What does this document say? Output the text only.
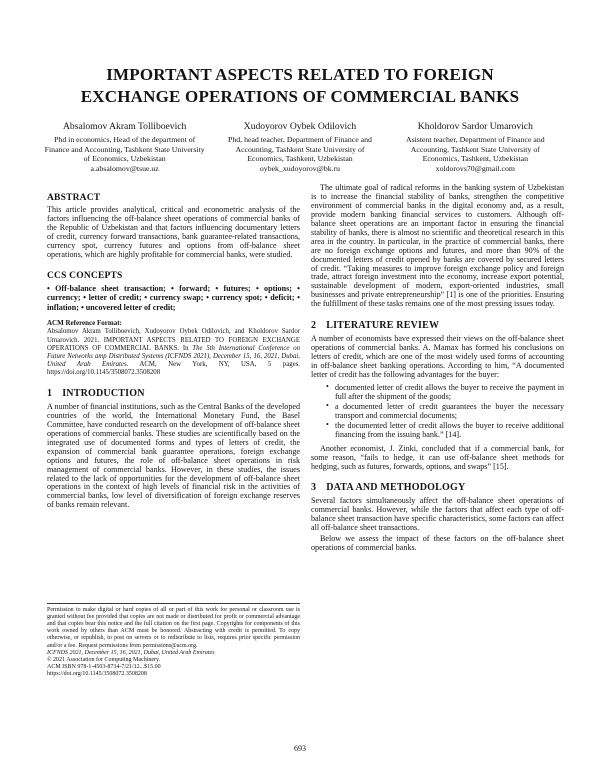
IMPORTANT ASPECTS RELATED TO FOREIGN EXCHANGE OPERATIONS OF COMMERCIAL BANKS
Absalomov Akram Tolliboevich
Phd in economics, Head of the department of Finance and Accounting, Tashkent State University of Economics, Uzbekistan
a.absalomov@tsue.uz
Xudoyorov Oybek Odilovich
Phd, head teacher, Department of Finance and Accounting, Tashkent State University of Economics, Tashkent, Uzbekistan
oybek_xudoyorov@bk.ru
Kholdorov Sardor Umarovich
Asistent teacher, Department of Finance and Accounting, Tashkent State University of Economics, Tashkent, Uzbekistan
xoldorovs70@gmail.com
ABSTRACT

This article provides analytical, critical and econometric analysis of the factors influencing the off-balance sheet operations of commercial banks of the Republic of Uzbekistan and that factors influencing documentary letters of credit, currency forward transactions, bank guarantee-related transactions, currency spot, currency futures and options from off-balance sheet operations, which are highly profitable for commercial banks, were studied.

CCS CONCEPTS

• Off-balance sheet transaction; • forward; • futures; • options; • currency; • letter of credit; • currency swap; • currency spot; • deficit; • inflation; • uncovered letter of credit;

ACM Reference Format:

Absalomov Akram Tolliboevich, Xudoyorov Oybek Odilovich, and Kholdorov Sardor Umarovich. 2021. IMPORTANT ASPECTS RELATED TO FOREIGN EXCHANGE OPERATIONS OF COMMERCIAL BANKS. In The 5th International Conference on Future Networks amp Distributed Systems (ICFNDS 2021), December 15, 16, 2021, Dubai, United Arab Emirates. ACM, New York, NY, USA, 5 pages. https://doi.org/10.1145/3508072.3508208

1 INTRODUCTION

A number of financial institutions, such as the Central Banks of the developed countries of the world, the International Monetary Fund, the Basel Committee, have conducted research on the development of off-balance sheet operations of commercial banks. These studies are scientifically based on the integrated use of documented forms and types of letters of credit, the expansion of commercial bank guarantee operations, foreign exchange options and futures, the role of off-balance sheet operations in risk management of commercial banks. However, in these studies, the issues related to the lack of opportunities for the development of off-balance sheet operations in the context of high levels of financial risk in the activities of commercial banks, low level of diversification of foreign exchange reserves of banks remain relevant.

Permission to make digital or hard copies of all or part of this work for personal or classroom use is granted without fee provided that copies are not made or distributed for profit or commercial advantage and that copies bear this notice and the full citation on the first page. Copyrights for components of this work owned by others than ACM must be honored. Abstracting with credit is permitted. To copy otherwise, or republish, to post on servers or to redistribute to lists, requires prior specific permission and/or a fee. Request permissions from permissions@acm.org.

ICFNDS 2021, December 15, 16, 2021, Dubai, United Arab Emirates

© 2021 Association for Computing Machinery.

ACM ISBN 978-1-4503-8734-7/21/12...$15.00

https://doi.org/10.1145/3508072.3508208

The ultimate goal of radical reforms in the banking system of Uzbekistan is to increase the financial stability of banks, strengthen the competitive environment of commercial banks in the digital economy and, as a result, provide modern banking financial services to customers. Although off-balance sheet operations are an important factor in ensuring the financial stability of banks, there is almost no scientific and theoretical research in this area in the country. In particular, in the practice of commercial banks, there are no foreign exchange options and futures, and more than 90% of the documented letters of credit opened by banks are covered by secured letters of credit. “Taking measures to improve foreign exchange policy and foreign trade, attract foreign investment into the economy, increase export potential, sustainable development of modern, export-oriented industries, small businesses and private entrepreneurship” [1] is one of the priorities. Ensuring the fulfillment of these tasks remains one of the most pressing issues today.

2 LITERATURE REVIEW

A number of economists have expressed their views on the off-balance sheet operations of commercial banks. A. Mamax has formed his conclusions on letters of credit, which are one of the most widely used forms of accounting in off-balance sheet banking operations. According to him, “A documented letter of credit has the following advantages for the buyer:

• documented letter of credit allows the buyer to receive the payment in full after the shipment of the goods;
• a documented letter of credit guarantees the buyer the necessary transport and commercial documents;
• the documented letter of credit allows the buyer to receive additional financing from the issuing bank.” [14].

Another economist, J. Zinki, concluded that if a commercial bank, for some reason, “fails to hedge, it can use off-balance sheet methods for hedging, such as futures, forwards, options, and swaps” [15].

3 DATA AND METHODOLOGY

Several factors simultaneously affect the off-balance sheet operations of commercial banks. However, while the factors that affect each type of off-balance sheet transaction have specific characteristics, some factors can affect all off-balance sheet transactions.

Below we assess the impact of these factors on the off-balance sheet operations of commercial banks.

693
